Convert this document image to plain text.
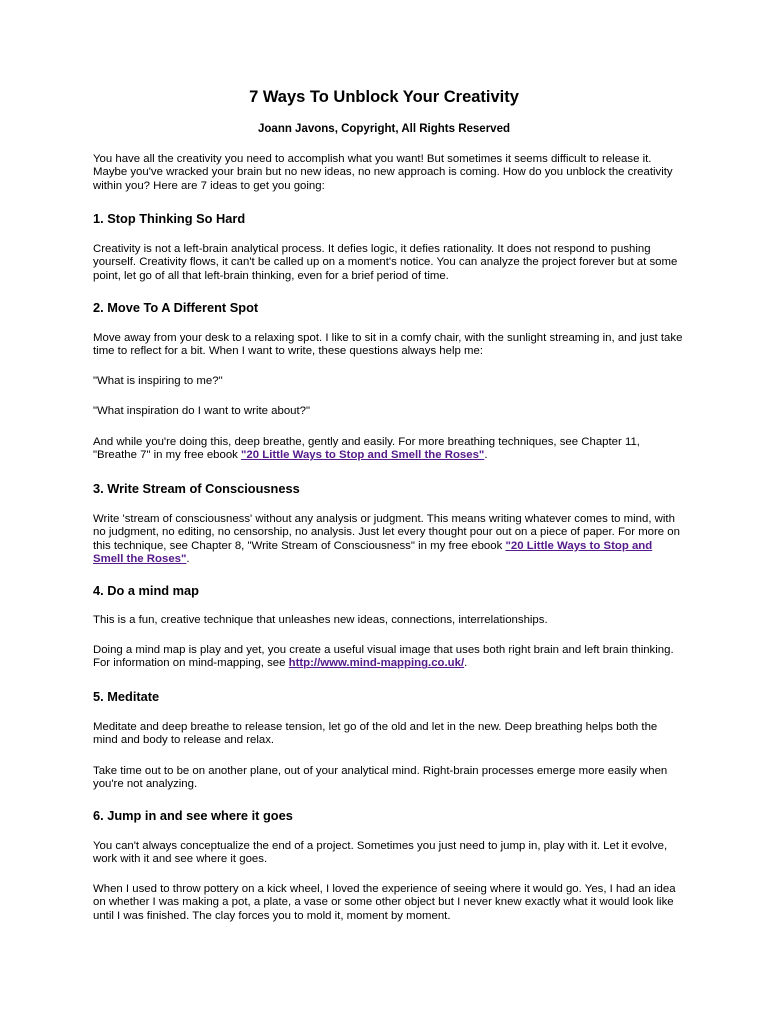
7 Ways To Unblock Your Creativity
Joann Javons, Copyright, All Rights Reserved

You have all the creativity you need to accomplish what you want! But sometimes it seems difficult to release it. Maybe you've wracked your brain but no new ideas, no new approach is coming. How do you unblock the creativity within you? Here are 7 ideas to get you going:

1. Stop Thinking So Hard

Creativity is not a left-brain analytical process. It defies logic, it defies rationality. It does not respond to pushing yourself. Creativity flows, it can't be called up on a moment's notice. You can analyze the project forever but at some point, let go of all that left-brain thinking, even for a brief period of time.

2. Move To A Different Spot

Move away from your desk to a relaxing spot. I like to sit in a comfy chair, with the sunlight streaming in, and just take time to reflect for a bit. When I want to write, these questions always help me:

"What is inspiring to me?"

"What inspiration do I want to write about?"

And while you're doing this, deep breathe, gently and easily. For more breathing techniques, see Chapter 11, "Breathe 7" in my free ebook "20 Little Ways to Stop and Smell the Roses".

3. Write Stream of Consciousness

Write 'stream of consciousness' without any analysis or judgment. This means writing whatever comes to mind, with no judgment, no editing, no censorship, no analysis. Just let every thought pour out on a piece of paper. For more on this technique, see Chapter 8, "Write Stream of Consciousness" in my free ebook "20 Little Ways to Stop and Smell the Roses".

4. Do a mind map

This is a fun, creative technique that unleashes new ideas, connections, interrelationships.

Doing a mind map is play and yet, you create a useful visual image that uses both right brain and left brain thinking. For information on mind-mapping, see http://www.mind-mapping.co.uk/.

5. Meditate

Meditate and deep breathe to release tension, let go of the old and let in the new. Deep breathing helps both the mind and body to release and relax.

Take time out to be on another plane, out of your analytical mind. Right-brain processes emerge more easily when you're not analyzing.

6. Jump in and see where it goes

You can't always conceptualize the end of a project. Sometimes you just need to jump in, play with it. Let it evolve, work with it and see where it goes.

When I used to throw pottery on a kick wheel, I loved the experience of seeing where it would go. Yes, I had an idea on whether I was making a pot, a plate, a vase or some other object but I never knew exactly what it would look like until I was finished. The clay forces you to mold it, moment by moment.
